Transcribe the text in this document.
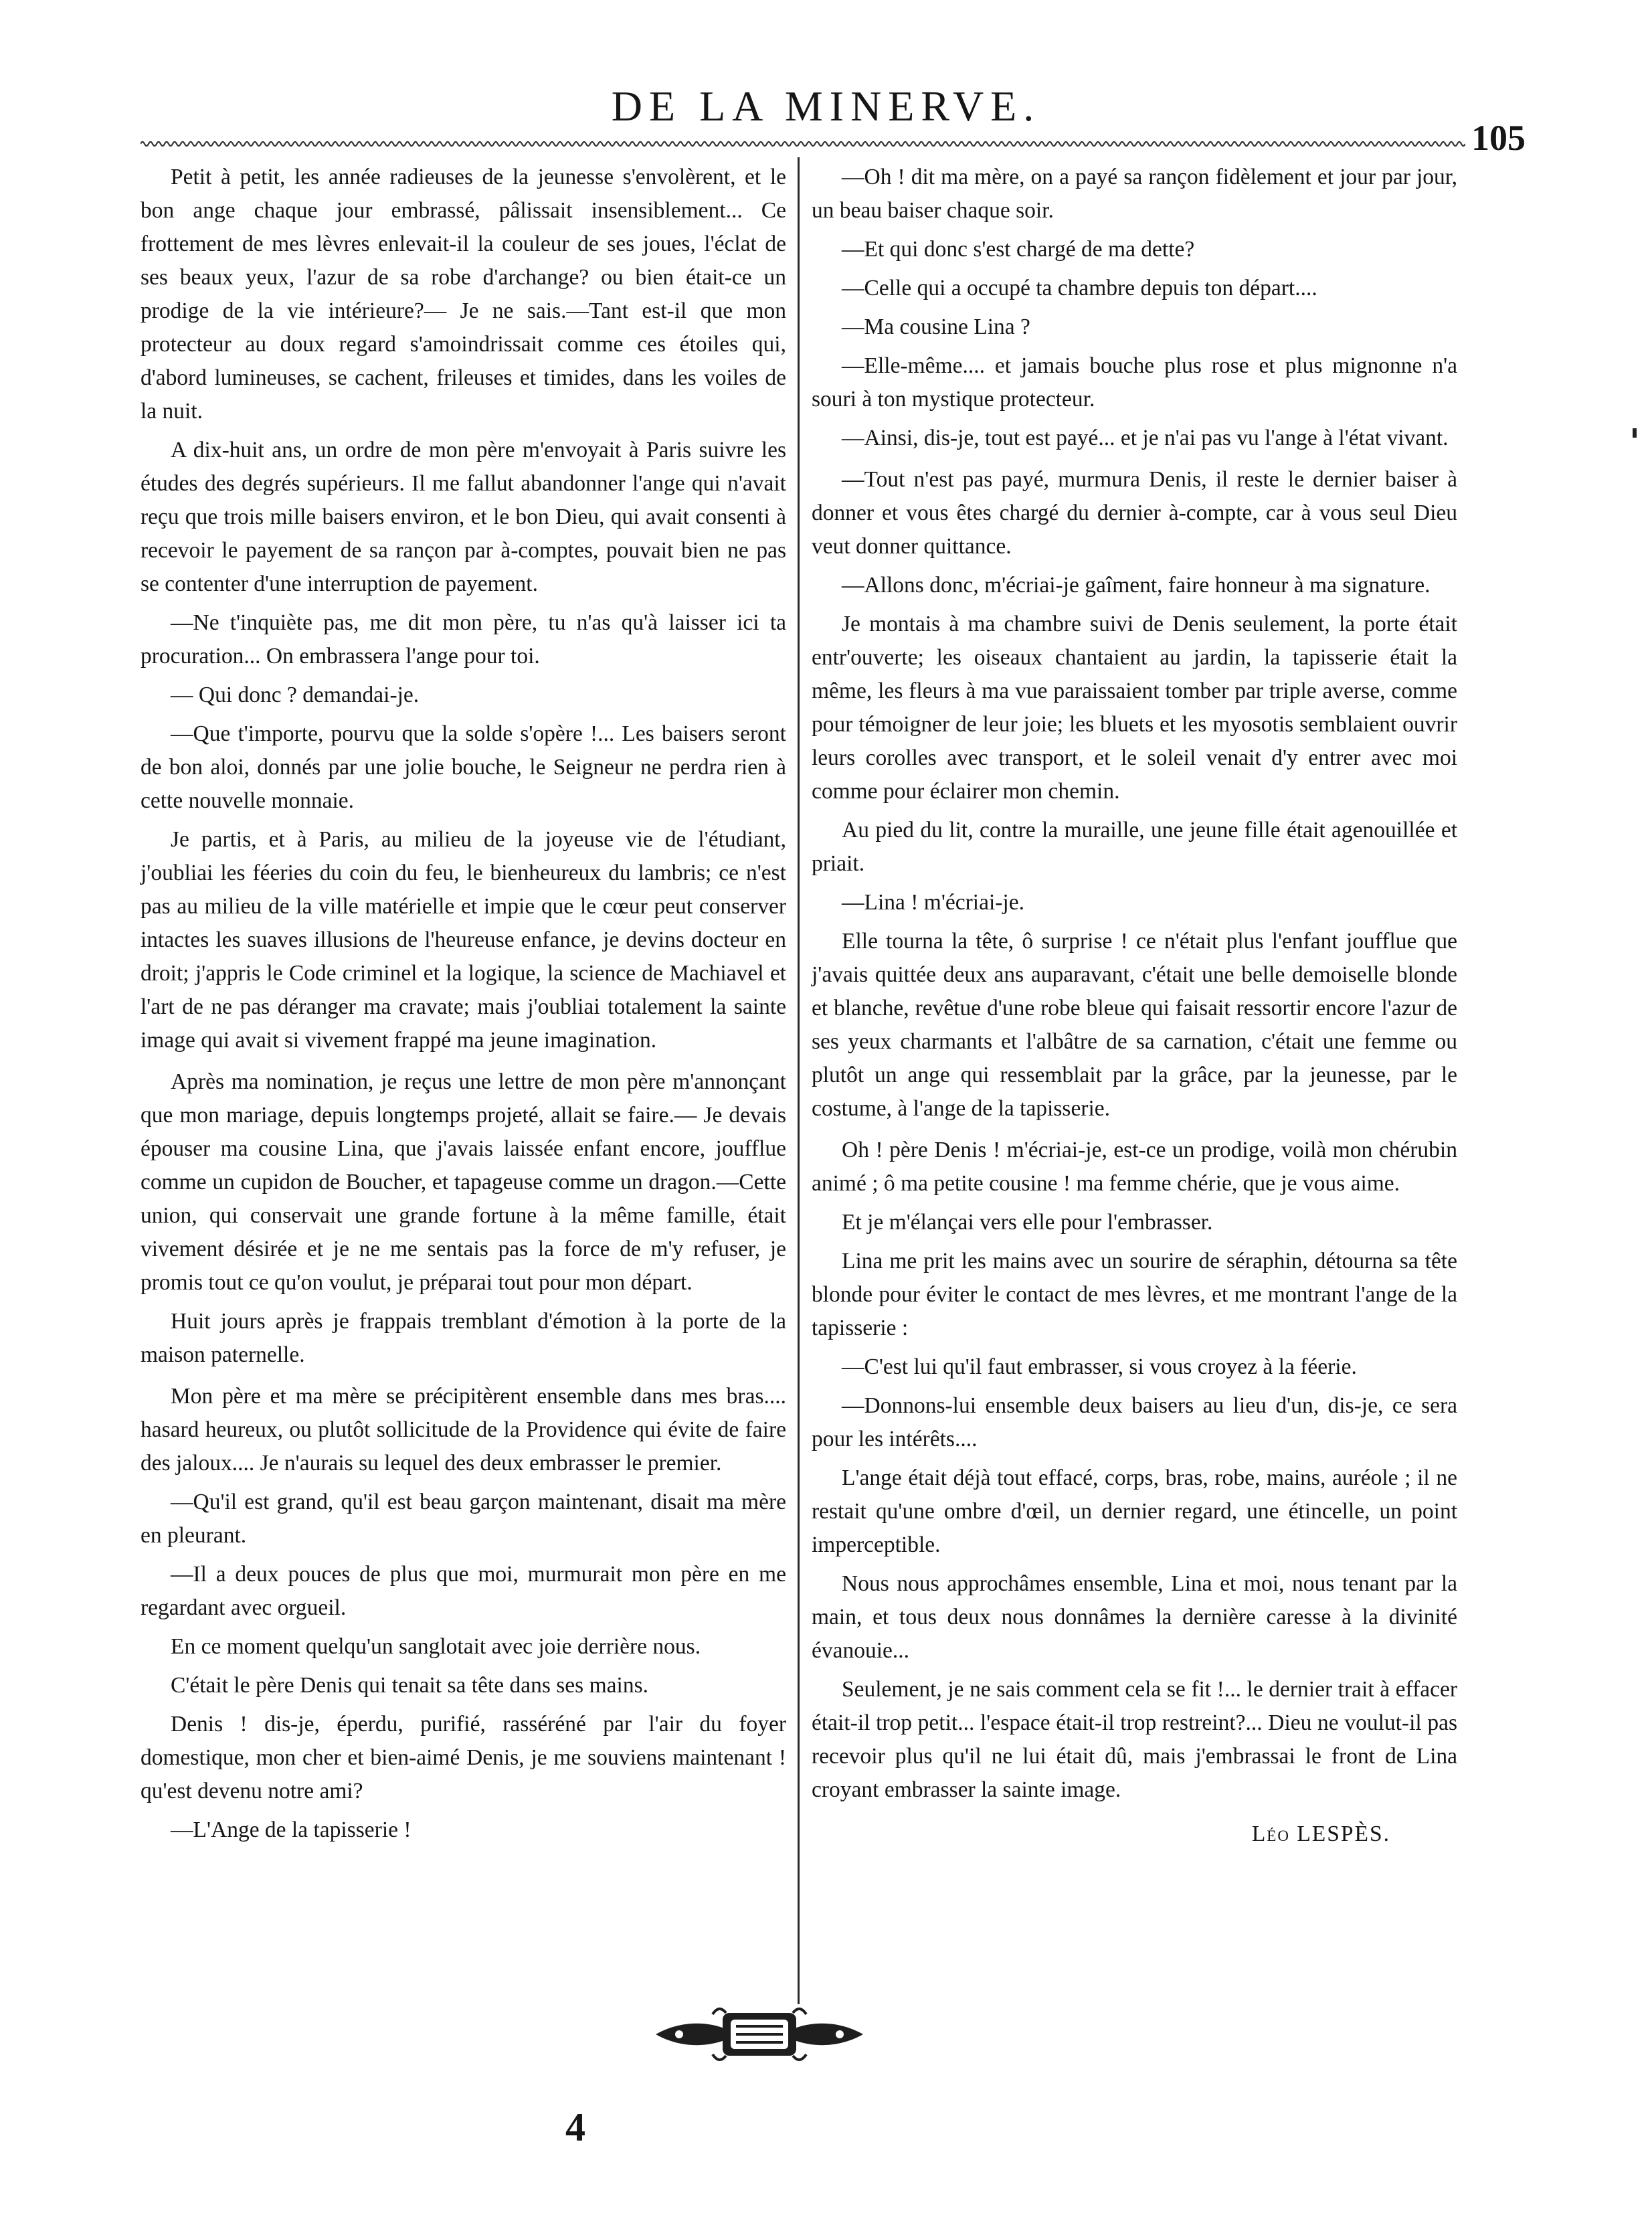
DE LA MINERVE.
105

Petit à petit, les année radieuses de la jeunesse s'envolèrent, et le bon ange chaque jour embrassé, pâlissait insensiblement... Ce frottement de mes lèvres enlevait-il la couleur de ses joues, l'éclat de ses beaux yeux, l'azur de sa robe d'archange? ou bien était-ce un prodige de la vie intérieure?— Je ne sais.—Tant est-il que mon protecteur au doux regard s'amoindrissait comme ces étoiles qui, d'abord lumineuses, se cachent, frileuses et timides, dans les voiles de la nuit.

A dix-huit ans, un ordre de mon père m'envoyait à Paris suivre les études des degrés supérieurs. Il me fallut abandonner l'ange qui n'avait reçu que trois mille baisers environ, et le bon Dieu, qui avait consenti à recevoir le payement de sa rançon par à-comptes, pouvait bien ne pas se contenter d'une interruption de payement.

—Ne t'inquiète pas, me dit mon père, tu n'as qu'à laisser ici ta procuration... On embrassera l'ange pour toi.

— Qui donc ? demandai-je.

—Que t'importe, pourvu que la solde s'opère !... Les baisers seront de bon aloi, donnés par une jolie bouche, le Seigneur ne perdra rien à cette nouvelle monnaie.

Je partis, et à Paris, au milieu de la joyeuse vie de l'étudiant, j'oubliai les féeries du coin du feu, le bienheureux du lambris; ce n'est pas au milieu de la ville matérielle et impie que le cœur peut conserver intactes les suaves illusions de l'heureuse enfance, je devins docteur en droit; j'appris le Code criminel et la logique, la science de Machiavel et l'art de ne pas déranger ma cravate; mais j'oubliai totalement la sainte image qui avait si vivement frappé ma jeune imagination.

Après ma nomination, je reçus une lettre de mon père m'annonçant que mon mariage, depuis longtemps projeté, allait se faire.— Je devais épouser ma cousine Lina, que j'avais laissée enfant encore, joufflue comme un cupidon de Boucher, et tapageuse comme un dragon.—Cette union, qui conservait une grande fortune à la même famille, était vivement désirée et je ne me sentais pas la force de m'y refuser, je promis tout ce qu'on voulut, je préparai tout pour mon départ.

Huit jours après je frappais tremblant d'émotion à la porte de la maison paternelle.

Mon père et ma mère se précipitèrent ensemble dans mes bras.... hasard heureux, ou plutôt sollicitude de la Providence qui évite de faire des jaloux.... Je n'aurais su lequel des deux embrasser le premier.

—Qu'il est grand, qu'il est beau garçon maintenant, disait ma mère en pleurant.

—Il a deux pouces de plus que moi, murmurait mon père en me regardant avec orgueil.

En ce moment quelqu'un sanglotait avec joie derrière nous.

C'était le père Denis qui tenait sa tête dans ses mains.

Denis ! dis-je, éperdu, purifié, rasséréné par l'air du foyer domestique, mon cher et bien-aimé Denis, je me souviens maintenant ! qu'est devenu notre ami?

—L'Ange de la tapisserie !

—Oh ! dit ma mère, on a payé sa rançon fidèlement et jour par jour, un beau baiser chaque soir.

—Et qui donc s'est chargé de ma dette?

—Celle qui a occupé ta chambre depuis ton départ....

—Ma cousine Lina ?

—Elle-même.... et jamais bouche plus rose et plus mignonne n'a souri à ton mystique protecteur.

—Ainsi, dis-je, tout est payé... et je n'ai pas vu l'ange à l'état vivant.

—Tout n'est pas payé, murmura Denis, il reste le dernier baiser à donner et vous êtes chargé du dernier à-compte, car à vous seul Dieu veut donner quittance.

—Allons donc, m'écriai-je gaîment, faire honneur à ma signature.

Je montais à ma chambre suivi de Denis seulement, la porte était entr'ouverte; les oiseaux chantaient au jardin, la tapisserie était la même, les fleurs à ma vue paraissaient tomber par triple averse, comme pour témoigner de leur joie; les bluets et les myosotis semblaient ouvrir leurs corolles avec transport, et le soleil venait d'y entrer avec moi comme pour éclairer mon chemin.

Au pied du lit, contre la muraille, une jeune fille était agenouillée et priait.

—Lina ! m'écriai-je.

Elle tourna la tête, ô surprise ! ce n'était plus l'enfant joufflue que j'avais quittée deux ans auparavant, c'était une belle demoiselle blonde et blanche, revêtue d'une robe bleue qui faisait ressortir encore l'azur de ses yeux charmants et l'albâtre de sa carnation, c'était une femme ou plutôt un ange qui ressemblait par la grâce, par la jeunesse, par le costume, à l'ange de la tapisserie.

Oh ! père Denis ! m'écriai-je, est-ce un prodige, voilà mon chérubin animé ; ô ma petite cousine ! ma femme chérie, que je vous aime.

Et je m'élançai vers elle pour l'embrasser.

Lina me prit les mains avec un sourire de séraphin, détourna sa tête blonde pour éviter le contact de mes lèvres, et me montrant l'ange de la tapisserie :

—C'est lui qu'il faut embrasser, si vous croyez à la féerie.

—Donnons-lui ensemble deux baisers au lieu d'un, dis-je, ce sera pour les intérêts....

L'ange était déjà tout effacé, corps, bras, robe, mains, auréole ; il ne restait qu'une ombre d'œil, un dernier regard, une étincelle, un point imperceptible.

Nous nous approchâmes ensemble, Lina et moi, nous tenant par la main, et tous deux nous donnâmes la dernière caresse à la divinité évanouie...

Seulement, je ne sais comment cela se fit !... le dernier trait à effacer était-il trop petit... l'espace était-il trop restreint?... Dieu ne voulut-il pas recevoir plus qu'il ne lui était dû, mais j'embrassai le front de Lina croyant embrasser la sainte image.

Léo LESPÈS.
4
